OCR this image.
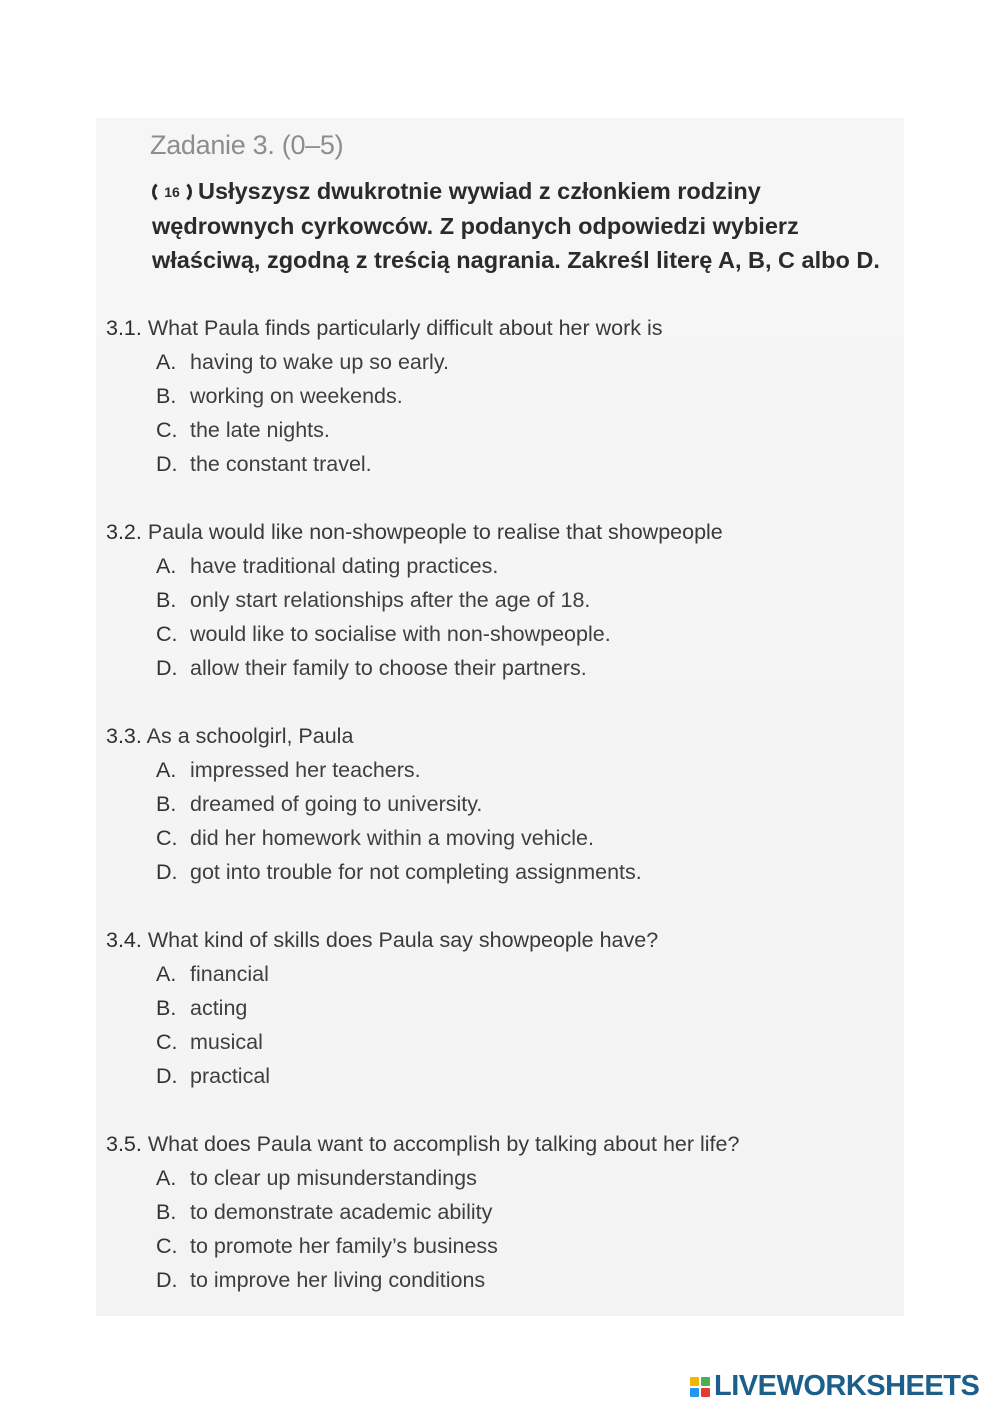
Zadanie 3. (0–5)
16 Usłyszysz dwukrotnie wywiad z członkiem rodziny wędrownych cyrkowców. Z podanych odpowiedzi wybierz właściwą, zgodną z treścią nagrania. Zakreśl literę A, B, C albo D.
3.1. What Paula finds particularly difficult about her work is
A. having to wake up so early.
B. working on weekends.
C. the late nights.
D. the constant travel.
3.2. Paula would like non-showpeople to realise that showpeople
A. have traditional dating practices.
B. only start relationships after the age of 18.
C. would like to socialise with non-showpeople.
D. allow their family to choose their partners.
3.3. As a schoolgirl, Paula
A. impressed her teachers.
B. dreamed of going to university.
C. did her homework within a moving vehicle.
D. got into trouble for not completing assignments.
3.4. What kind of skills does Paula say showpeople have?
A. financial
B. acting
C. musical
D. practical
3.5. What does Paula want to accomplish by talking about her life?
A. to clear up misunderstandings
B. to demonstrate academic ability
C. to promote her family’s business
D. to improve her living conditions
LIVEWORKSHEETS
